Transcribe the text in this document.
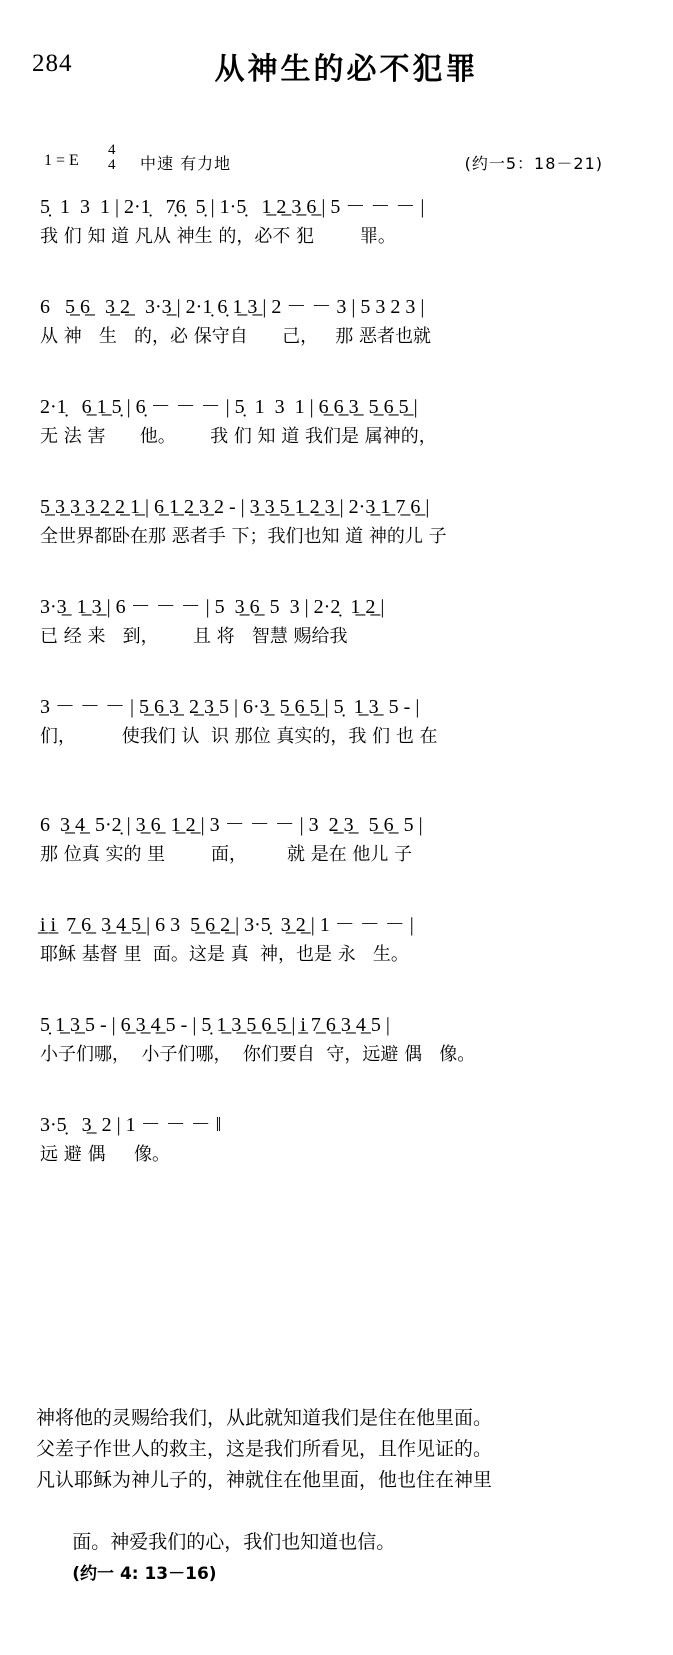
284	从神生的必不犯罪
1 = E
4
4 中速 有力地	(约一5：18－21)
5̣  1  3  1 | 2·1̣   7̣6̣  5̣ | 1·5̣   1̲ 2̲ 3̲ 6̲ | 5 － － － |
我 们 知 道 凡从 神生 的，必不 犯        罪。
6   5̲ 6̲   3̲ 2̲   3·3̲ | 2·1̣ 6̣ 1̲ 3̲ | 2 － － 3 | 5 3 2 3 |
从 神   生   的，必 保守自      己，   那 恶者也就
2·1̣   6̲ 1̲ 5̣ | 6̣ － － － | 5̣  1  3  1 | 6̲ 6̲ 3̲  5̲ 6̲ 5̲ |
无 法 害      他。      我 们 知 道 我们是 属神的，
5̲ 3̲ 3̲ 3̲ 2̲ 2̲ 1̲ | 6̲ 1̲ 2̲ 3̲ 2 - | 3̲ 3̲ 5̲ 1̲ 2̲ 3̲ | 2·3̲ 1̲ 7̲ 6̲ |
全世界都卧在那 恶者手 下；我们也知 道 神的儿 子
3·3̲  1̲ 3̲ | 6 － － － | 5  3̲ 6̲  5  3 | 2·2̣  1̲ 2̲ |
已 经 来   到，      且 将   智慧 赐给我
3 － － － | 5̲ 6̲ 3̲  2̲ 3̲ 5 | 6·3̲  5̲ 6̲ 5̲ | 5̣  1̲ 3̲  5 - |
们，        使我们 认  识 那位 真实的，我 们 也 在
6  3̲ 4̲  5·2̣ | 3̲ 6̲  1̲ 2̲ | 3 － － － | 3  2̲ 3̲   5̲ 6̲  5 |
那 位真 实的 里        面，       就 是在 他儿 子
i̲ i̲  7̲ 6̲  3̲ 4̲ 5̲ | 6 3  5̲ 6̲ 2̲ | 3·5̣  3̲ 2̲ | 1 － － － |
耶稣 基督 里  面。这是 真  神，也是 永   生。
5̣ 1̲ 3̲ 5 - | 6̲ 3̲ 4̲ 5 - | 5̣ 1̲ 3̲ 5̲ 6̲ 5̲ | i̲ 7̲ 6̲ 3̲ 4̲ 5 |
小子们哪，  小子们哪，  你们要自  守，远避 偶   像。
3·5̣   3̲  2 | 1 － － － ‖
远 避 偶     像。
神将他的灵赐给我们，从此就知道我们是住在他里面。
父差子作世人的救主，这是我们所看见，且作见证的。
凡认耶稣为神儿子的，神就住在他里面，他也住在神里

面。神爱我们的心，我们也知道也信。
(约一 4: 13－16)
